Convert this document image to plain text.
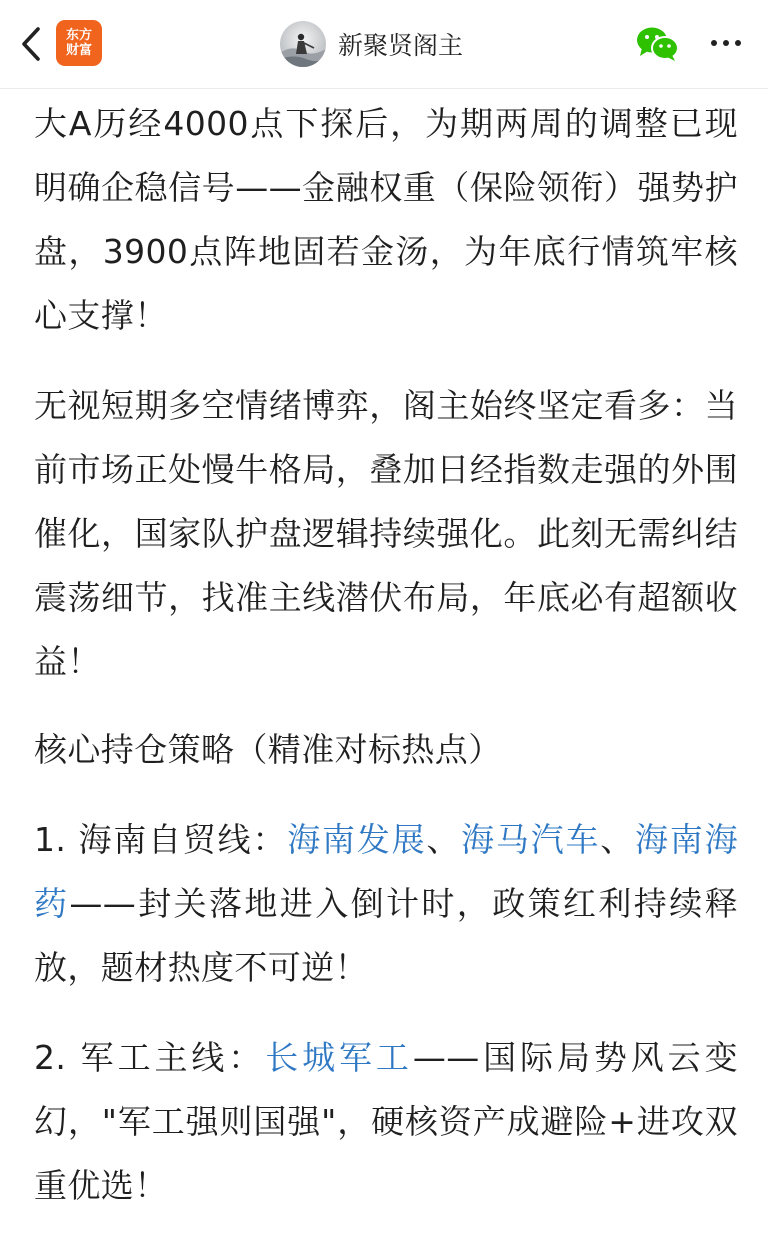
东方
财富	新聚贤阁主

大A历经4000点下探后，为期两周的调整已现明确企稳信号——金融权重（保险领衔）强势护盘，3900点阵地固若金汤，为年底行情筑牢核心支撑！

无视短期多空情绪博弈，阁主始终坚定看多：当前市场正处慢牛格局，叠加日经指数走强的外围催化，国家队护盘逻辑持续强化。此刻无需纠结震荡细节，找准主线潜伏布局，年底必有超额收益！

核心持仓策略（精准对标热点）

1. 海南自贸线：海南发展、海马汽车、海南海药——封关落地进入倒计时，政策红利持续释放，题材热度不可逆！

2. 军工主线：长城军工——国际局势风云变幻，"军工强则国强"，硬核资产成避险+进攻双重优选！
